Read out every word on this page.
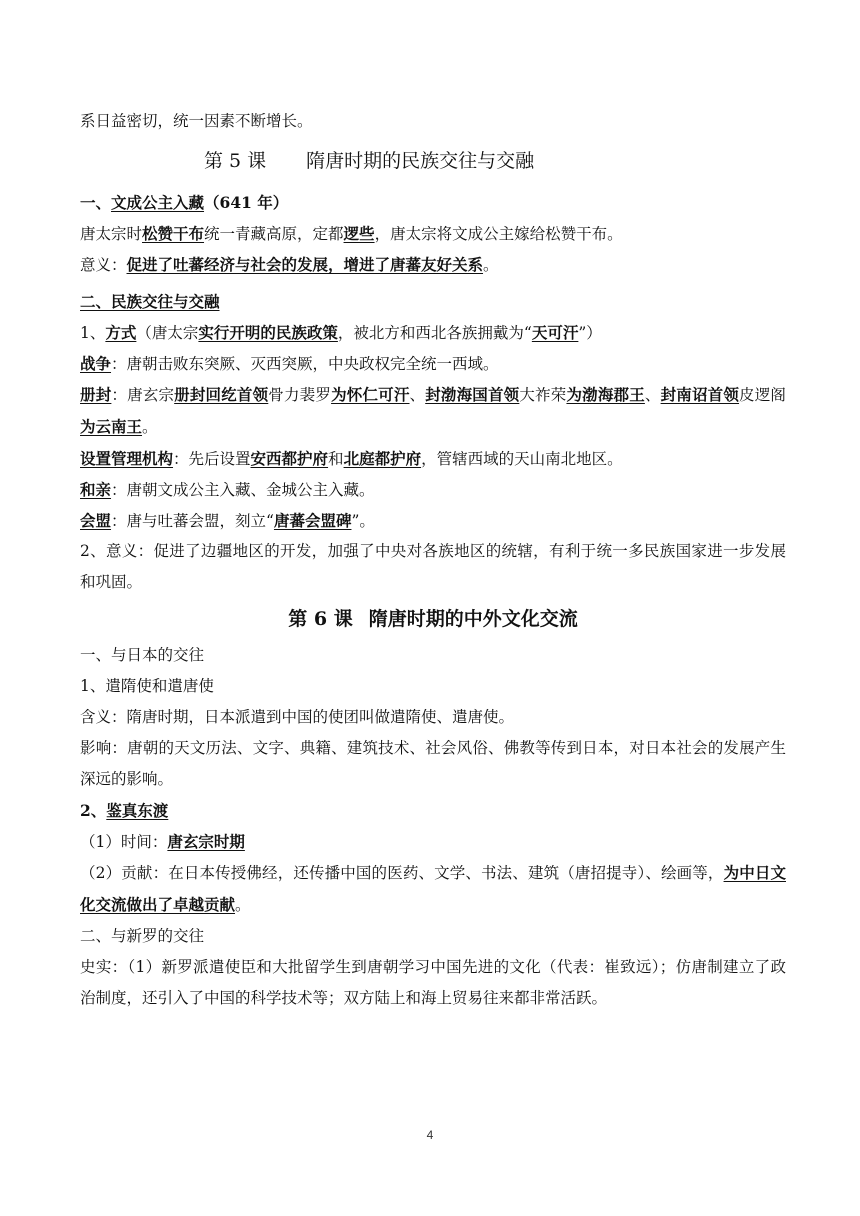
系日益密切，统一因素不断增长。
第 5 课 隋唐时期的民族交往与交融
一、文成公主入藏（641 年）
唐太宗时松赞干布统一青藏高原，定都逻些，唐太宗将文成公主嫁给松赞干布。
意义：促进了吐蕃经济与社会的发展，增进了唐蕃友好关系。
二、民族交往与交融
1、方式（唐太宗实行开明的民族政策，被北方和西北各族拥戴为“天可汗”）
战争：唐朝击败东突厥、灭西突厥，中央政权完全统一西域。
册封：唐玄宗册封回纥首领骨力裴罗为怀仁可汗、封渤海国首领大祚荣为渤海郡王、封南诏首领皮逻阁为云南王。
设置管理机构：先后设置安西都护府和北庭都护府，管辖西域的天山南北地区。
和亲：唐朝文成公主入藏、金城公主入藏。
会盟：唐与吐蕃会盟，刻立“唐蕃会盟碑”。
2、意义：促进了边疆地区的开发，加强了中央对各族地区的统辖，有利于统一多民族国家进一步发展和巩固。
第 6 课 隋唐时期的中外文化交流
一、与日本的交往
1、遣隋使和遣唐使
含义：隋唐时期，日本派遣到中国的使团叫做遣隋使、遣唐使。
影响：唐朝的天文历法、文字、典籍、建筑技术、社会风俗、佛教等传到日本，对日本社会的发展产生深远的影响。
2、鉴真东渡
（1）时间：唐玄宗时期
（2）贡献：在日本传授佛经，还传播中国的医药、文学、书法、建筑（唐招提寺）、绘画等，为中日文化交流做出了卓越贡献。
二、与新罗的交往
史实：（1）新罗派遣使臣和大批留学生到唐朝学习中国先进的文化（代表：崔致远）；仿唐制建立了政治制度，还引入了中国的科学技术等；双方陆上和海上贸易往来都非常活跃。
4
